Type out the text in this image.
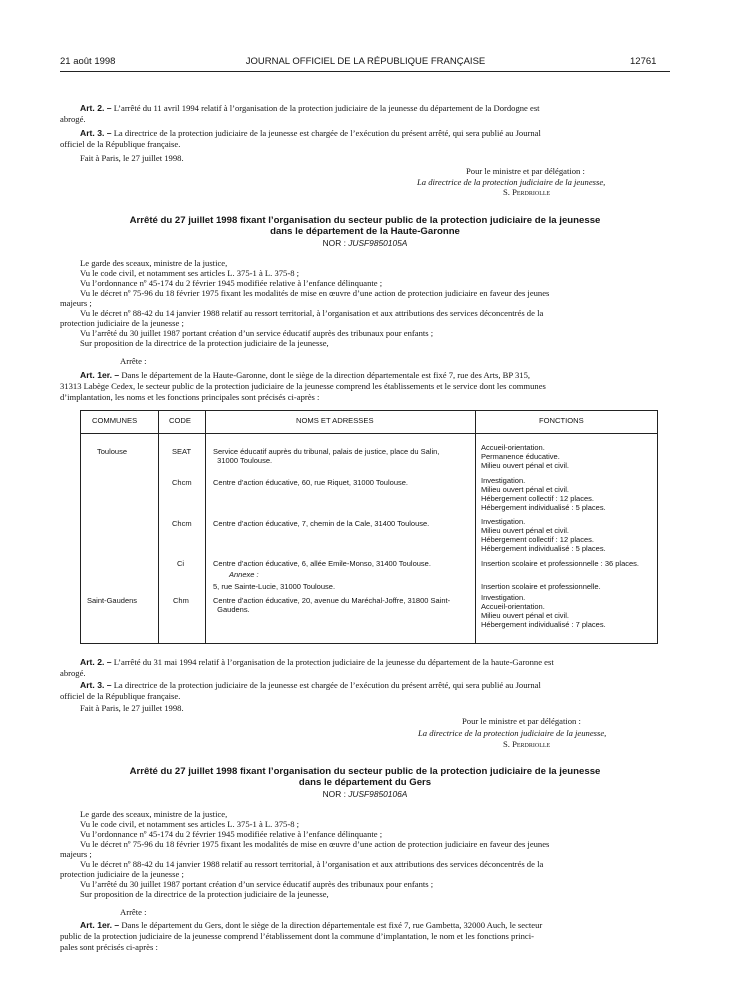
21 août 1998	JOURNAL OFFICIEL DE LA RÉPUBLIQUE FRANÇAISE	12761
Art. 2. – L’arrêté du 11 avril 1994 relatif à l’organisation de la protection judiciaire de la jeunesse du département de la Dordogne est
abrogé.
Art. 3. – La directrice de la protection judiciaire de la jeunesse est chargée de l’exécution du présent arrêté, qui sera publié au Journal
officiel de la République française.
Fait à Paris, le 27 juillet 1998.
Pour le ministre et par délégation :
La directrice de la protection judiciaire de la jeunesse,
S. Perdriolle
Arrêté du 27 juillet 1998 fixant l’organisation du secteur public de la protection judiciaire de la jeunesse
dans le département de la Haute-Garonne
NOR : JUSF9850105A
Le garde des sceaux, ministre de la justice,
Vu le code civil, et notamment ses articles L. 375-1 à L. 375-8 ;
Vu l’ordonnance nº 45-174 du 2 février 1945 modifiée relative à l’enfance délinquante ;
Vu le décret nº 75-96 du 18 février 1975 fixant les modalités de mise en œuvre d’une action de protection judiciaire en faveur des jeunes
majeurs ;
Vu le décret nº 88-42 du 14 janvier 1988 relatif au ressort territorial, à l’organisation et aux attributions des services déconcentrés de la
protection judiciaire de la jeunesse ;
Vu l’arrêté du 30 juillet 1987 portant création d’un service éducatif auprès des tribunaux pour enfants ;
Sur proposition de la directrice de la protection judiciaire de la jeunesse,
Arrête :
Art. 1er. – Dans le département de la Haute-Garonne, dont le siège de la direction départementale est fixé 7, rue des Arts, BP 315,
31313 Labège Cedex, le secteur public de la protection judiciaire de la jeunesse comprend les établissements et le service dont les communes
d’implantation, les noms et les fonctions principales sont précisés ci-après :
COMMUNES	CODE	NOMS ET ADRESSES	FONCTIONS
Toulouse	SEAT	Service éducatif auprès du tribunal, palais de justice, place du Salin,
31000 Toulouse.
Accueil-orientation.
Permanence éducative.
Milieu ouvert pénal et civil.
Chcm	Centre d’action éducative, 60, rue Riquet, 31000 Toulouse.	Investigation.
Milieu ouvert pénal et civil.
Hébergement collectif : 12 places.
Hébergement individualisé : 5 places.
Chcm	Centre d’action éducative, 7, chemin de la Cale, 31400 Toulouse.	Investigation.
Milieu ouvert pénal et civil.
Hébergement collectif : 12 places.
Hébergement individualisé : 5 places.
Ci	Centre d’action éducative, 6, allée Emile-Monso, 31400 Toulouse.	Insertion scolaire et professionnelle : 36 places.
Annexe :
5, rue Sainte-Lucie, 31000 Toulouse.	Insertion scolaire et professionnelle.
Saint-Gaudens	Chm	Centre d’action éducative, 20, avenue du Maréchal-Joffre, 31800 Saint-
Gaudens.
Investigation.
Accueil-orientation.
Milieu ouvert pénal et civil.
Hébergement individualisé : 7 places.
Art. 2. – L’arrêté du 31 mai 1994 relatif à l’organisation de la protection judiciaire de la jeunesse du département de la haute-Garonne est
abrogé.
Art. 3. – La directrice de la protection judiciaire de la jeunesse est chargée de l’exécution du présent arrêté, qui sera publié au Journal
officiel de la République française.
Fait à Paris, le 27 juillet 1998.
Pour le ministre et par délégation :
La directrice de la protection judiciaire de la jeunesse,
S. Perdriolle
Arrêté du 27 juillet 1998 fixant l’organisation du secteur public de la protection judiciaire de la jeunesse
dans le département du Gers
NOR : JUSF9850106A
Le garde des sceaux, ministre de la justice,
Vu le code civil, et notamment ses articles L. 375-1 à L. 375-8 ;
Vu l’ordonnance nº 45-174 du 2 février 1945 modifiée relative à l’enfance délinquante ;
Vu le décret nº 75-96 du 18 février 1975 fixant les modalités de mise en œuvre d’une action de protection judiciaire en faveur des jeunes
majeurs ;
Vu le décret nº 88-42 du 14 janvier 1988 relatif au ressort territorial, à l’organisation et aux attributions des services déconcentrés de la
protection judiciaire de la jeunesse ;
Vu l’arrêté du 30 juillet 1987 portant création d’un service éducatif auprès des tribunaux pour enfants ;
Sur proposition de la directrice de la protection judiciaire de la jeunesse,
Arrête :
Art. 1er. – Dans le département du Gers, dont le siège de la direction départementale est fixé 7, rue Gambetta, 32000 Auch, le secteur
public de la protection judiciaire de la jeunesse comprend l’établissement dont la commune d’implantation, le nom et les fonctions princi-
pales sont précisés ci-après :
